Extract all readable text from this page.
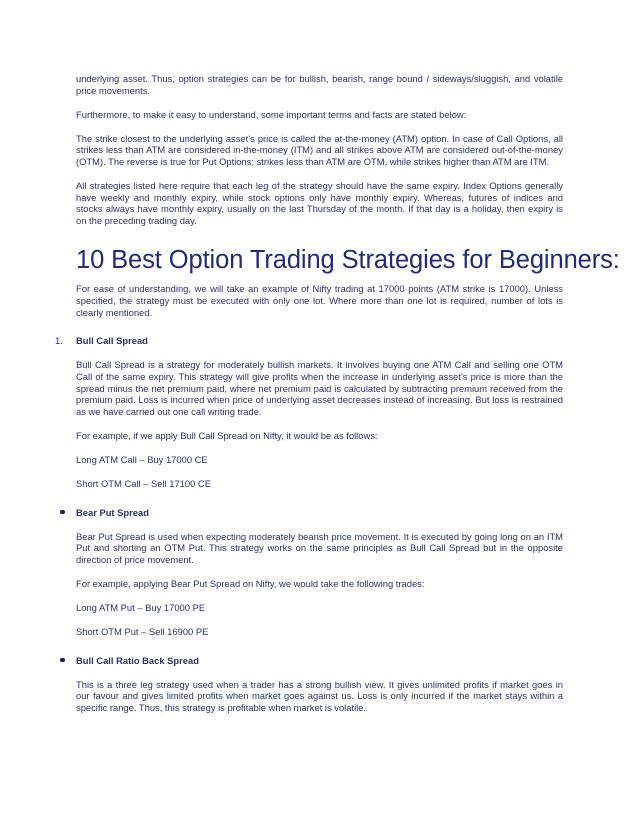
underlying asset. Thus, option strategies can be for bullish, bearish, range bound / sideways/sluggish, and volatile price movements.

Furthermore, to make it easy to understand, some important terms and facts are stated below:

The strike closest to the underlying asset’s price is called the at-the-money (ATM) option. In case of Call Options, all strikes less than ATM are considered in-the-money (ITM) and all strikes above ATM are considered out-of-the-money (OTM). The reverse is true for Put Options; strikes less than ATM are OTM, while strikes higher than ATM are ITM.

All strategies listed here require that each leg of the strategy should have the same expiry. Index Options generally have weekly and monthly expiry, while stock options only have monthly expiry. Whereas, futures of indices and stocks always have monthly expiry, usually on the last Thursday of the month. If that day is a holiday, then expiry is on the preceding trading day.

10 Best Option Trading Strategies for Beginners:

For ease of understanding, we will take an example of Nifty trading at 17000 points (ATM strike is 17000). Unless specified, the strategy must be executed with only one lot. Where more than one lot is required, number of lots is clearly mentioned.

1. Bull Call Spread

Bull Call Spread is a strategy for moderately bullish markets. It involves buying one ATM Call and selling one OTM Call of the same expiry. This strategy will give profits when the increase in underlying asset’s price is more than the spread minus the net premium paid, where net premium paid is calculated by subtracting premium received from the premium paid. Loss is incurred when price of underlying asset decreases instead of increasing. But loss is restrained as we have carried out one call writing trade.

For example, if we apply Bull Call Spread on Nifty, it would be as follows:

Long ATM Call – Buy 17000 CE

Short OTM Call – Sell 17100 CE

Bear Put Spread

Bear Put Spread is used when expecting moderately bearish price movement. It is executed by going long on an ITM Put and shorting an OTM Put. This strategy works on the same principles as Bull Call Spread but in the opposite direction of price movement.

For example, applying Bear Put Spread on Nifty, we would take the following trades:

Long ATM Put – Buy 17000 PE

Short OTM Put – Sell 16900 PE

Bull Call Ratio Back Spread

This is a three leg strategy used when a trader has a strong bullish view. It gives unlimited profits if market goes in our favour and gives limited profits when market goes against us. Loss is only incurred if the market stays within a specific range. Thus, this strategy is profitable when market is volatile.
